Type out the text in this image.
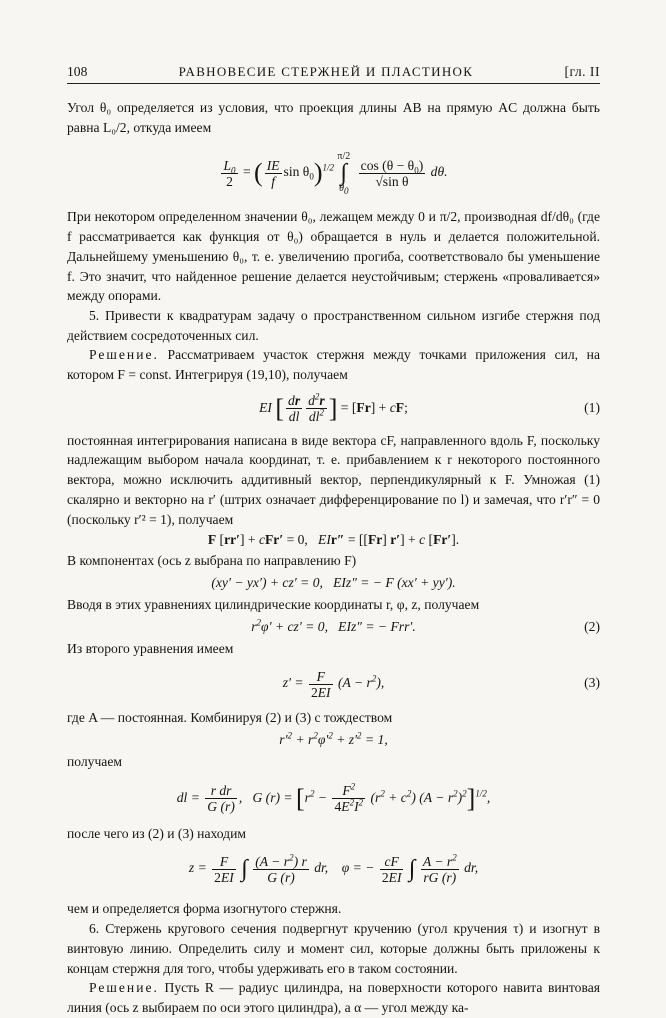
108	РАВНОВЕСИЕ СТЕРЖНЕЙ И ПЛАСТИНОК	[гл. II

Угол θ₀ определяется из условия, что проекция длины AB на прямую AC должна быть равна L₀/2, откуда имеем

$\frac{L_0}{2}$ = ( $\frac{IE}{f}$ $\sin \theta_0)^{1/2}$ π/2
∫
$\theta_0$
$\frac{\cos (\theta - \theta_0)}{\text{√sin θ}} d\theta$.

При некотором определенном значении θ₀, лежащем между 0 и π/2, производная df/dθ₀ (где f рассматривается как функция от θ₀) обращается в нуль и делается положительной. Дальнейшему уменьшению θ₀, т. е. увеличению прогиба, соответствовало бы уменьшение f. Это значит, что найденное решение делается неустойчивым; стержень «проваливается» между опорами.

5. Привести к квадратурам задачу о пространственном сильном изгибе стержня под действием сосредоточенных сил.

Решение. Рассматриваем участок стержня между точками приложения сил, на котором F = const. Интегрируя (19,10), получаем

EI [ $\frac{dr}{dl} \frac{d^2r}{dl^2}$ ] = [Fr] + cF;	(1)

постоянная интегрирования написана в виде вектора cF, направленного вдоль F, поскольку надлежащим выбором начала координат, т. е. прибавлением к r некоторого постоянного вектора, можно исключить аддитивный вектор, перпендикулярный к F. Умножая (1) скалярно и векторно на r′ (штрих означает дифференцирование по l) и замечая, что r′r″ = 0 (поскольку r′² = 1), получаем

F [rr′] + cFr′ = 0,   EIr″ = [[Fr] r′] + c [Fr′].

В компонентах (ось z выбрана по направлению F)

(xy′ − yx′) + cz′ = 0,   EIz″ = − F (xx′ + yy′).

Вводя в этих уравнениях цилиндрические координаты r, φ, z, получаем

$r^2\varphi' + cz' = 0$,   EIz″ = − Frr′.	(2)

Из второго уравнения имеем

$z' = \frac{F}{2EI} (A - r^2)$,	(3)

где A — постоянная. Комбинируя (2) и (3) с тождеством

$r'^2 + r^2\varphi'^2 + z'^2 = 1$,

получаем

dl = $\frac{\text{r dr}}{G (r)}$ ,   G $(r) = [r^2 - \frac{F^2}{4E^2I^2} (r^2 + c^2) (A - r^2)^2]^{1/2}$,

после чего из (2) и (3) находим

$z = \frac{F}{2EI}$ ∫ $\frac{(A - r^2) r}{G (r)}$ dr, φ = − $\frac{cF}{2EI}$ ∫ $\frac{A - r^2}{rG (r)}$ dr,

чем и определяется форма изогнутого стержня.

6. Стержень кругового сечения подвергнут кручению (угол кручения τ) и изогнут в винтовую линию. Определить силу и момент сил, которые должны быть приложены к концам стержня для того, чтобы удерживать его в таком состоянии.

Решение. Пусть R — радиус цилиндра, на поверхности которого навита винтовая линия (ось z выбираем по оси этого цилиндра), а α — угол между ка-
